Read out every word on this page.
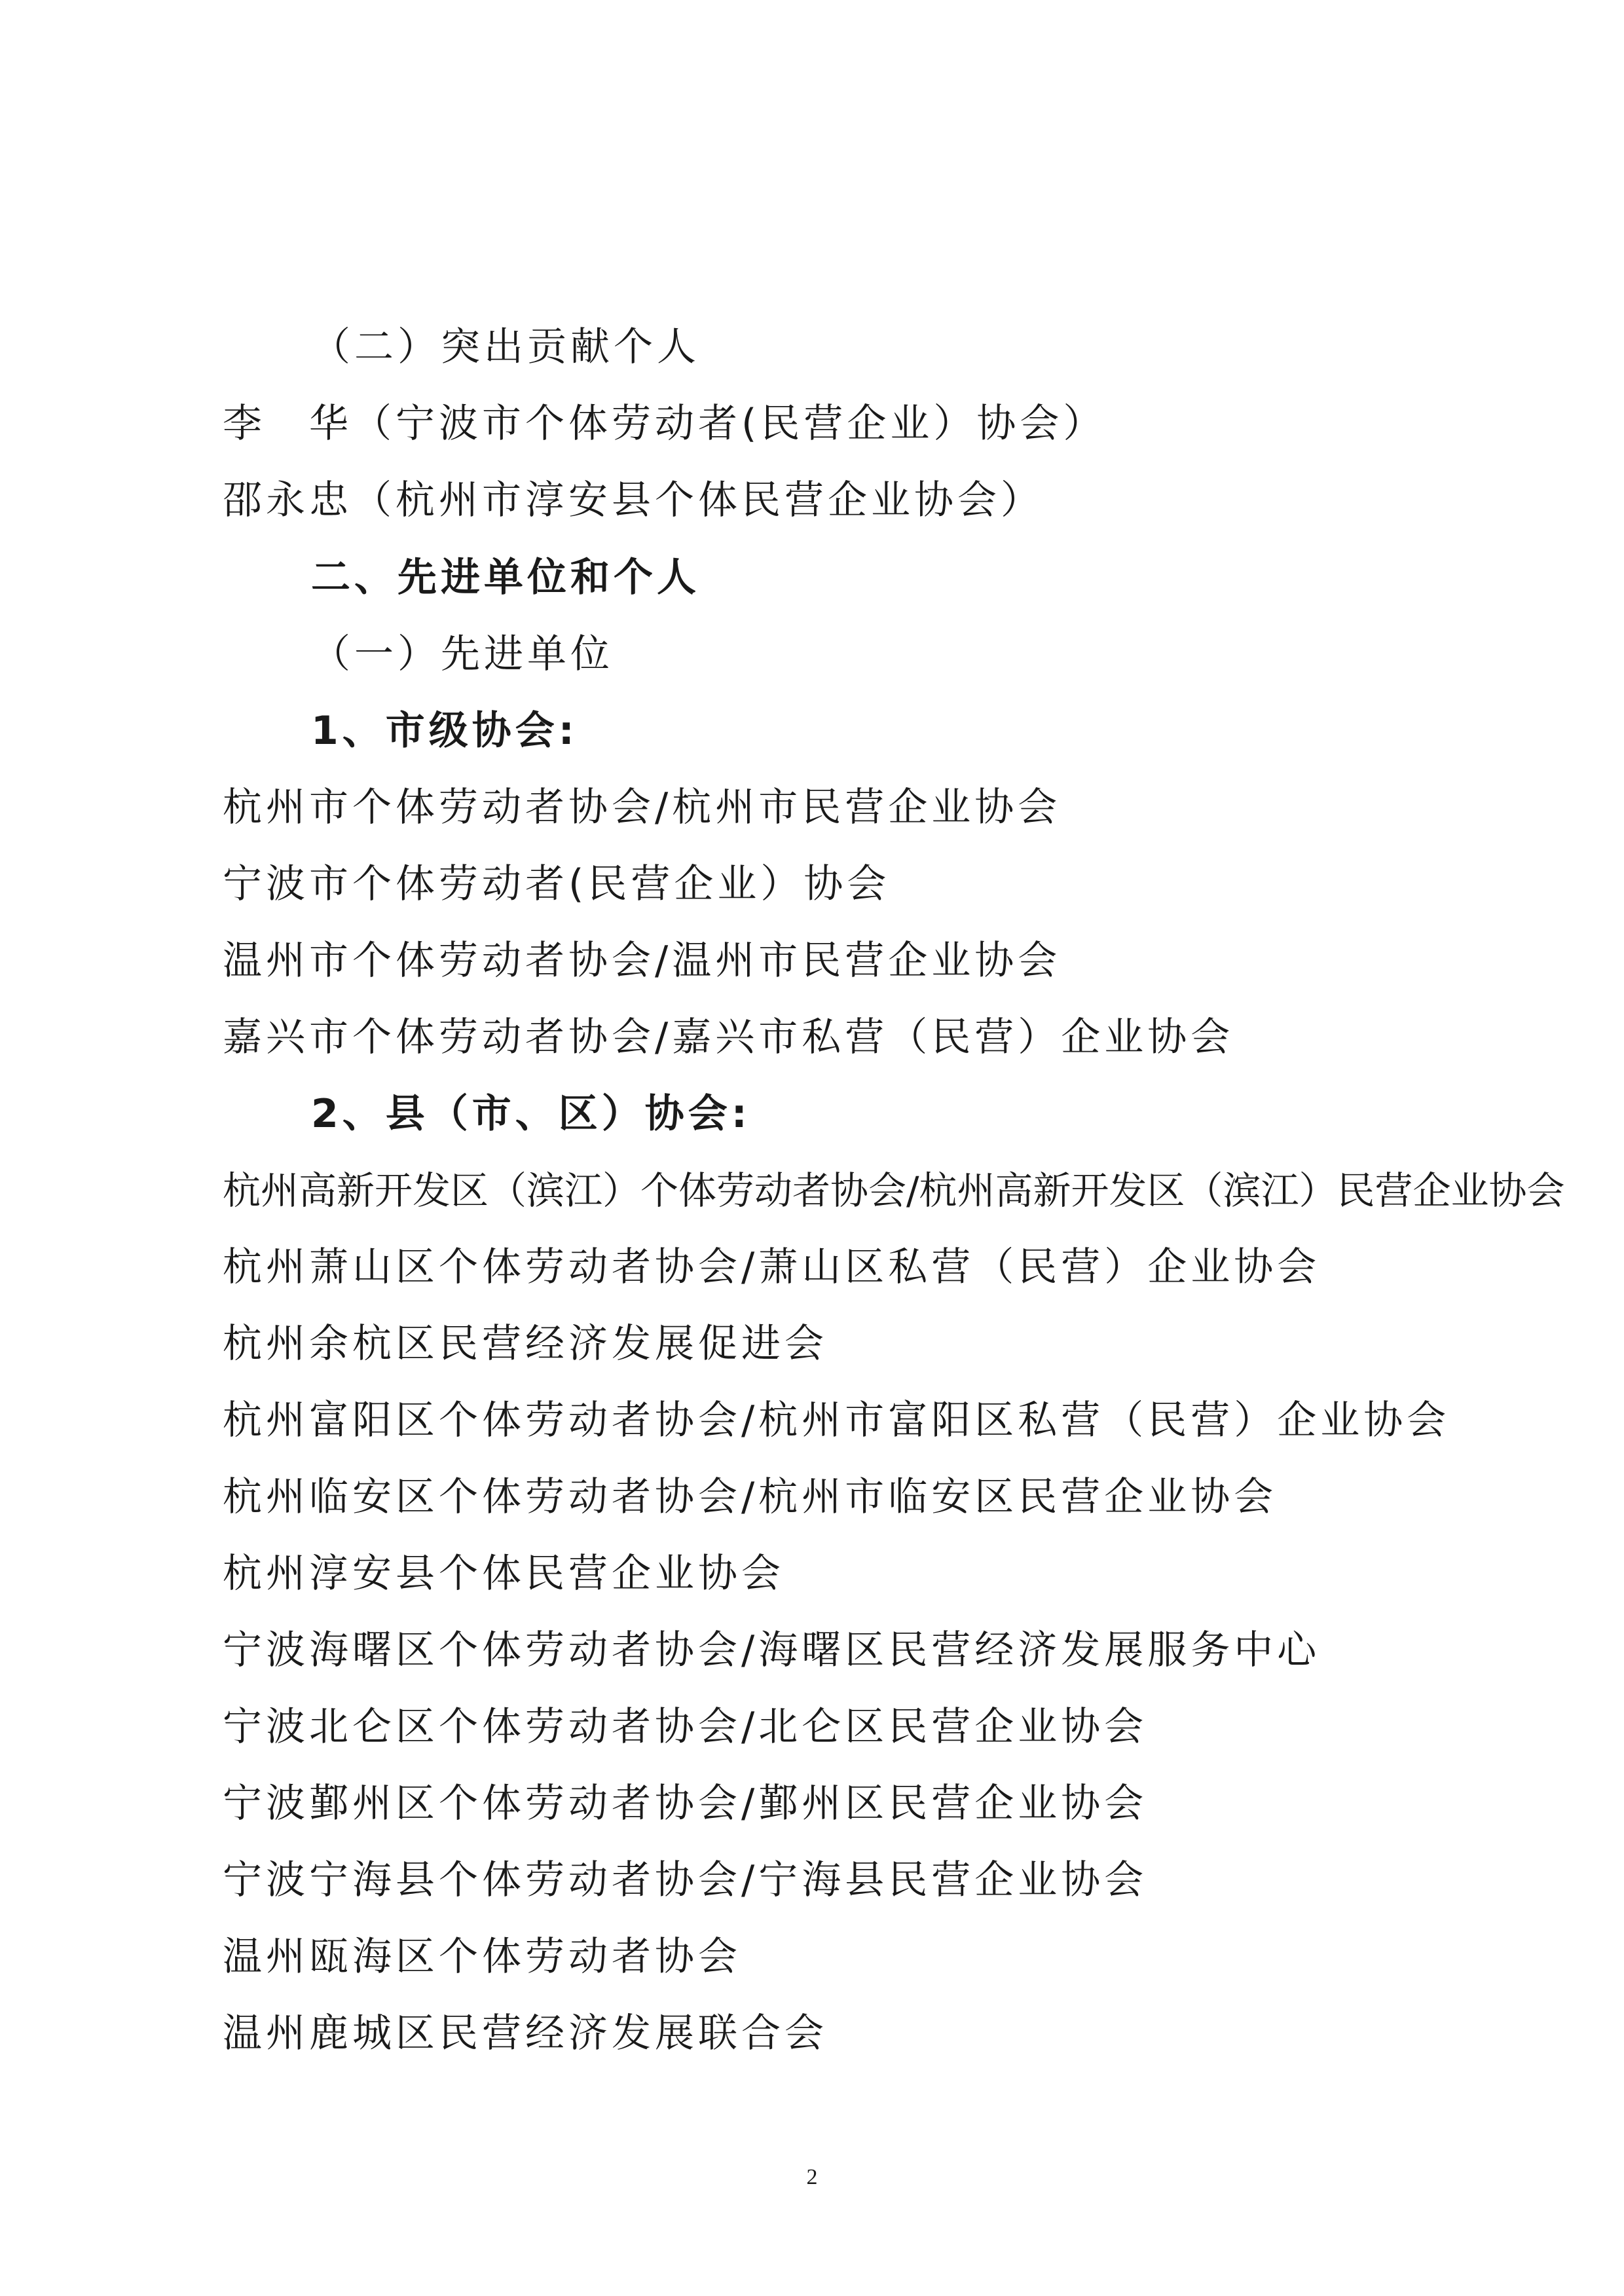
（二）突出贡献个人
李　华（宁波市个体劳动者(民营企业）协会）
邵永忠（杭州市淳安县个体民营企业协会）
二、先进单位和个人
（一）先进单位
1、市级协会:
杭州市个体劳动者协会/杭州市民营企业协会
宁波市个体劳动者(民营企业）协会
温州市个体劳动者协会/温州市民营企业协会
嘉兴市个体劳动者协会/嘉兴市私营（民营）企业协会
2、县（市、区）协会:
杭州高新开发区（滨江）个体劳动者协会/杭州高新开发区（滨江）民营企业协会
杭州萧山区个体劳动者协会/萧山区私营（民营）企业协会
杭州余杭区民营经济发展促进会
杭州富阳区个体劳动者协会/杭州市富阳区私营（民营）企业协会
杭州临安区个体劳动者协会/杭州市临安区民营企业协会
杭州淳安县个体民营企业协会
宁波海曙区个体劳动者协会/海曙区民营经济发展服务中心
宁波北仑区个体劳动者协会/北仑区民营企业协会
宁波鄞州区个体劳动者协会/鄞州区民营企业协会
宁波宁海县个体劳动者协会/宁海县民营企业协会
温州瓯海区个体劳动者协会
温州鹿城区民营经济发展联合会
2
